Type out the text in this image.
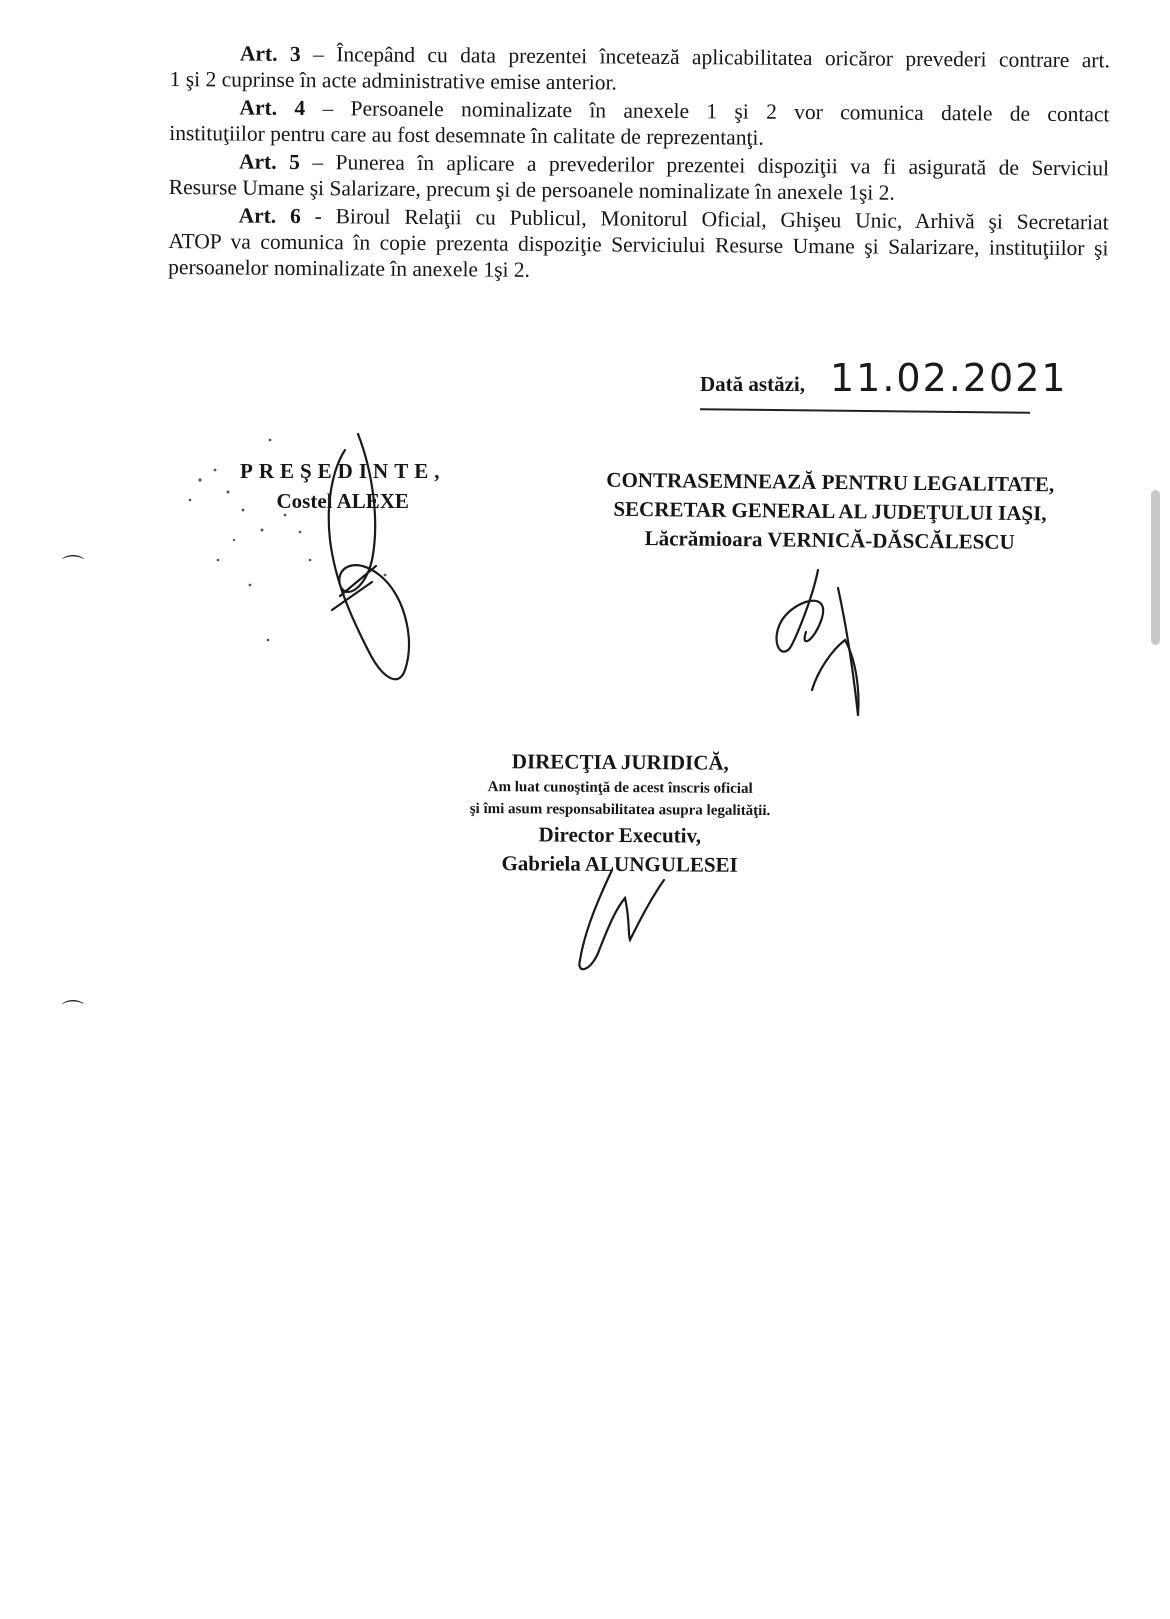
Art. 3 – Începând cu data prezentei încetează aplicabilitatea oricăror prevederi contrare art.
1 şi 2 cuprinse în acte administrative emise anterior.
Art. 4 – Persoanele nominalizate în anexele 1 şi 2 vor comunica datele de contact
instituţiilor pentru care au fost desemnate în calitate de reprezentanţi.
Art. 5 – Punerea în aplicare a prevederilor prezentei dispoziţii va fi asigurată de Serviciul
Resurse Umane şi Salarizare, precum şi de persoanele nominalizate în anexele 1şi 2.
Art. 6 - Biroul Relaţii cu Publicul, Monitorul Oficial, Ghişeu Unic, Arhivă şi Secretariat
ATOP va comunica în copie prezenta dispoziţie Serviciului Resurse Umane şi Salarizare, instituţiilor şi persoanelor nominalizate în anexele 1şi 2.
Dată astăzi, 11.02.2021
PREŞEDINTE,
Costel ALEXE
CONTRASEMNEAZĂ PENTRU LEGALITATE,
SECRETAR GENERAL AL JUDEŢULUI IAŞI,
Lăcrămioara VERNICĂ-DĂSCĂLESCU
DIRECŢIA JURIDICĂ,
Am luat cunoştinţă de acest înscris oficial
şi îmi asum responsabilitatea asupra legalităţii.
Director Executiv,
Gabriela ALUNGULESEI
⌒
⌒
